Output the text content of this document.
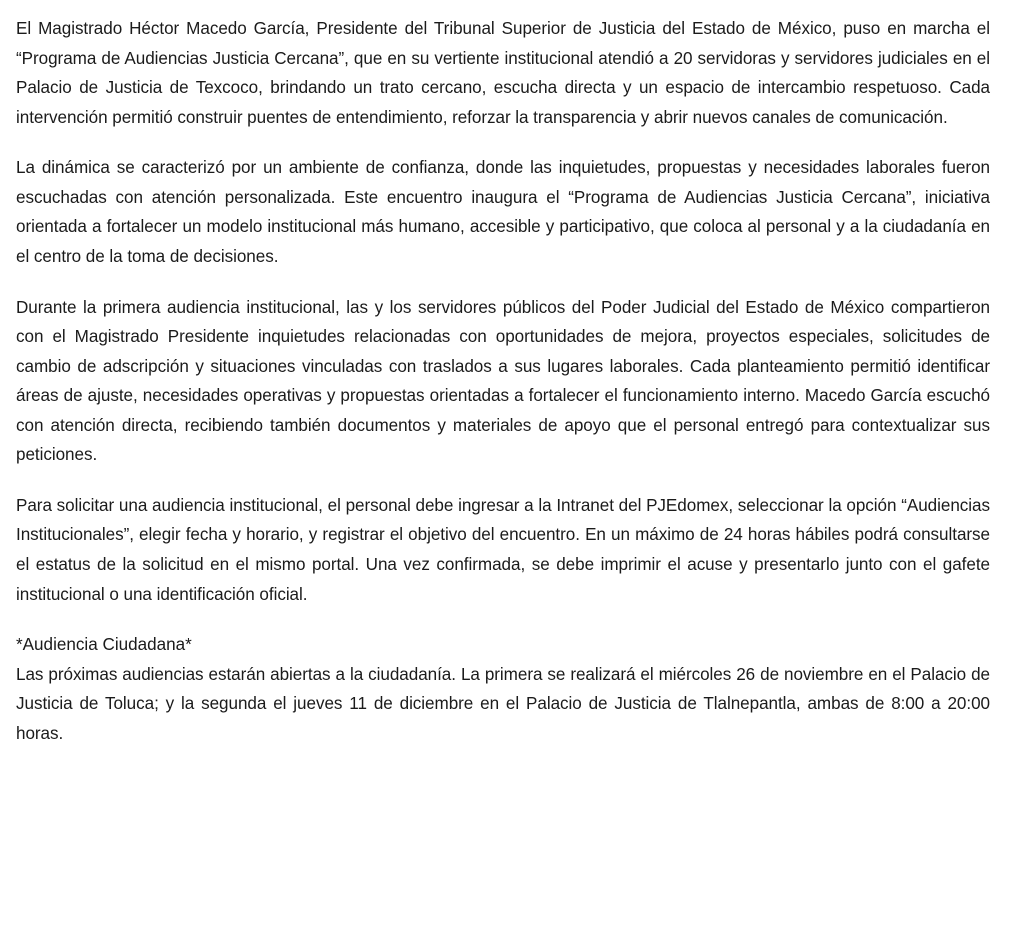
El Magistrado Héctor Macedo García, Presidente del Tribunal Superior de Justicia del Estado de México, puso en marcha el “Programa de Audiencias Justicia Cercana”, que en su vertiente institucional atendió a 20 servidoras y servidores judiciales en el Palacio de Justicia de Texcoco, brindando un trato cercano, escucha directa y un espacio de intercambio respetuoso. Cada intervención permitió construir puentes de entendimiento, reforzar la transparencia y abrir nuevos canales de comunicación.

La dinámica se caracterizó por un ambiente de confianza, donde las inquietudes, propuestas y necesidades laborales fueron escuchadas con atención personalizada. Este encuentro inaugura el “Programa de Audiencias Justicia Cercana”, iniciativa orientada a fortalecer un modelo institucional más humano, accesible y participativo, que coloca al personal y a la ciudadanía en el centro de la toma de decisiones.

Durante la primera audiencia institucional, las y los servidores públicos del Poder Judicial del Estado de México compartieron con el Magistrado Presidente inquietudes relacionadas con oportunidades de mejora, proyectos especiales, solicitudes de cambio de adscripción y situaciones vinculadas con traslados a sus lugares laborales. Cada planteamiento permitió identificar áreas de ajuste, necesidades operativas y propuestas orientadas a fortalecer el funcionamiento interno. Macedo García escuchó con atención directa, recibiendo también documentos y materiales de apoyo que el personal entregó para contextualizar sus peticiones.

Para solicitar una audiencia institucional, el personal debe ingresar a la Intranet del PJEdomex, seleccionar la opción “Audiencias Institucionales”, elegir fecha y horario, y registrar el objetivo del encuentro. En un máximo de 24 horas hábiles podrá consultarse el estatus de la solicitud en el mismo portal. Una vez confirmada, se debe imprimir el acuse y presentarlo junto con el gafete institucional o una identificación oficial.

*Audiencia Ciudadana*

Las próximas audiencias estarán abiertas a la ciudadanía. La primera se realizará el miércoles 26 de noviembre en el Palacio de Justicia de Toluca; y la segunda el jueves 11 de diciembre en el Palacio de Justicia de Tlalnepantla, ambas de 8:00 a 20:00 horas.
